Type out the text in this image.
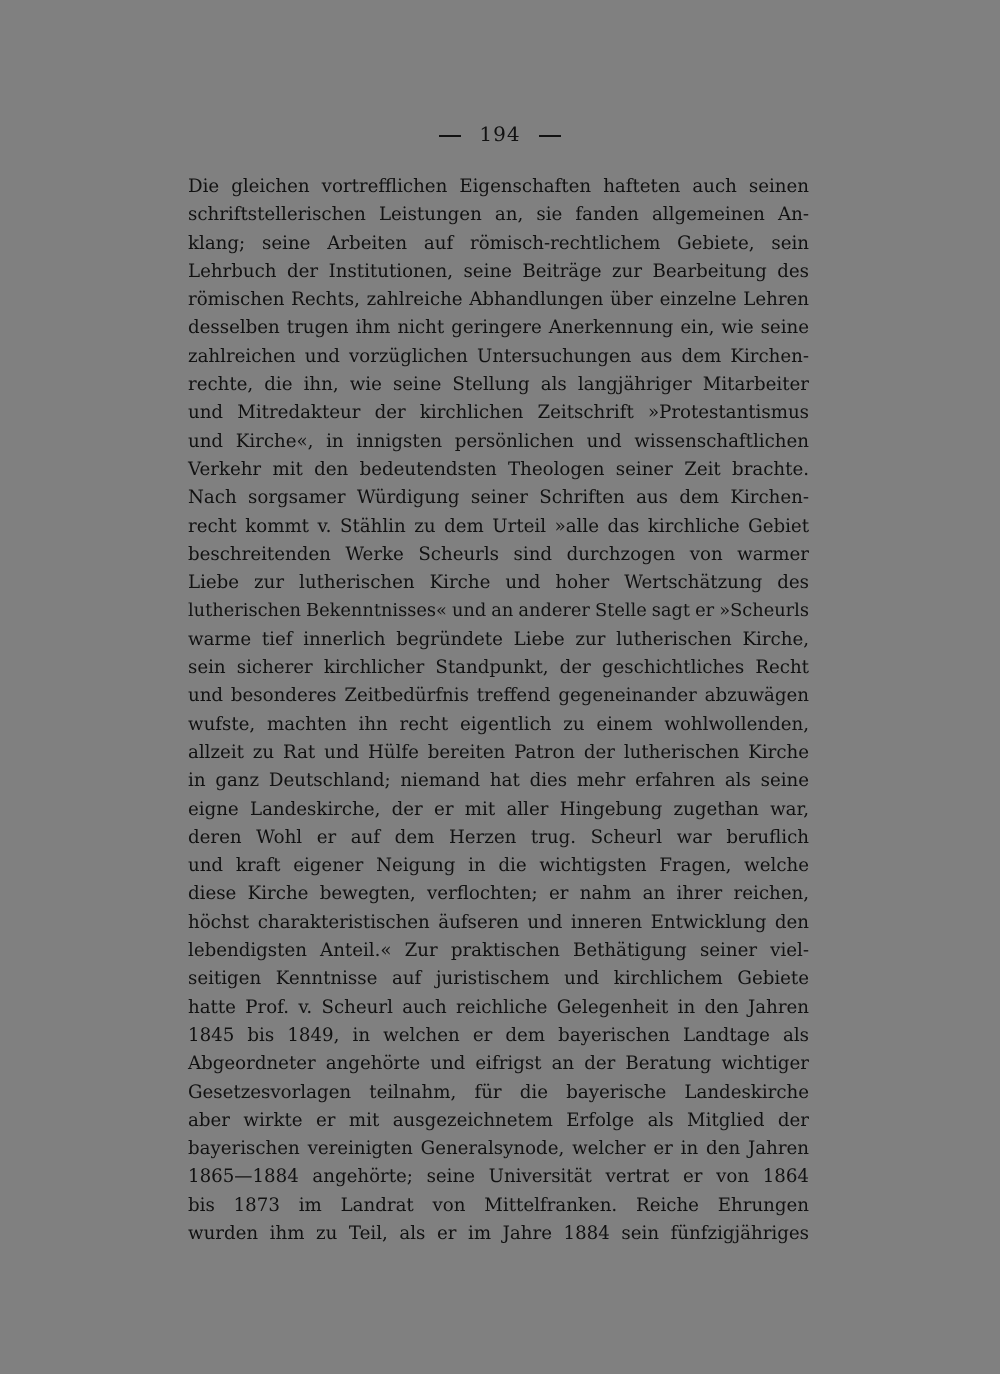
194
Die gleichen vortrefflichen Eigenschaften hafteten auch seinen
schriftstellerischen Leistungen an, sie fanden allgemeinen An-
klang; seine Arbeiten auf römisch-rechtlichem Gebiete, sein
Lehrbuch der Institutionen, seine Beiträge zur Bearbeitung des
römischen Rechts, zahlreiche Abhandlungen über einzelne Lehren
desselben trugen ihm nicht geringere Anerkennung ein, wie seine
zahlreichen und vorzüglichen Untersuchungen aus dem Kirchen-
rechte, die ihn, wie seine Stellung als langjähriger Mitarbeiter
und Mitredakteur der kirchlichen Zeitschrift »Protestantismus
und Kirche«, in innigsten persönlichen und wissenschaftlichen
Verkehr mit den bedeutendsten Theologen seiner Zeit brachte.
Nach sorgsamer Würdigung seiner Schriften aus dem Kirchen-
recht kommt v. Stählin zu dem Urteil »alle das kirchliche Gebiet
beschreitenden Werke Scheurls sind durchzogen von warmer
Liebe zur lutherischen Kirche und hoher Wertschätzung des
lutherischen Bekenntnisses« und an anderer Stelle sagt er »Scheurls
warme tief innerlich begründete Liebe zur lutherischen Kirche,
sein sicherer kirchlicher Standpunkt, der geschichtliches Recht
und besonderes Zeitbedürfnis treffend gegeneinander abzuwägen
wufste, machten ihn recht eigentlich zu einem wohlwollenden,
allzeit zu Rat und Hülfe bereiten Patron der lutherischen Kirche
in ganz Deutschland; niemand hat dies mehr erfahren als seine
eigne Landeskirche, der er mit aller Hingebung zugethan war,
deren Wohl er auf dem Herzen trug. Scheurl war beruflich
und kraft eigener Neigung in die wichtigsten Fragen, welche
diese Kirche bewegten, verflochten; er nahm an ihrer reichen,
höchst charakteristischen äufseren und inneren Entwicklung den
lebendigsten Anteil.« Zur praktischen Bethätigung seiner viel-
seitigen Kenntnisse auf juristischem und kirchlichem Gebiete
hatte Prof. v. Scheurl auch reichliche Gelegenheit in den Jahren
1845 bis 1849, in welchen er dem bayerischen Landtage als
Abgeordneter angehörte und eifrigst an der Beratung wichtiger
Gesetzesvorlagen teilnahm, für die bayerische Landeskirche
aber wirkte er mit ausgezeichnetem Erfolge als Mitglied der
bayerischen vereinigten Generalsynode, welcher er in den Jahren
1865—1884 angehörte; seine Universität vertrat er von 1864
bis 1873 im Landrat von Mittelfranken. Reiche Ehrungen
wurden ihm zu Teil, als er im Jahre 1884 sein fünfzigjähriges
